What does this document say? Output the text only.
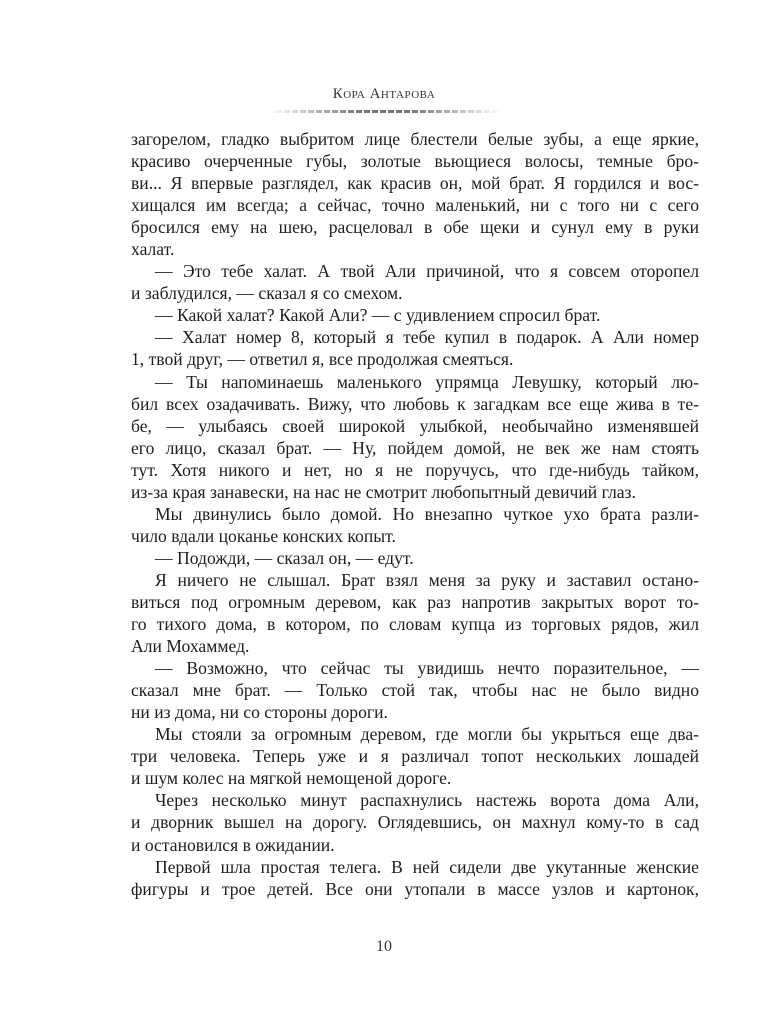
Кора Антарова
загорелом, гладко выбритом лице блестели белые зубы, а еще яркие,
красиво очерченные губы, золотые вьющиеся волосы, темные бро-
ви... Я впервые разглядел, как красив он, мой брат. Я гордился и вос-
хищался им всегда; а сейчас, точно маленький, ни с того ни с сего
бросился ему на шею, расцеловал в обе щеки и сунул ему в руки
халат.
— Это тебе халат. А твой Али причиной, что я совсем оторопел
и заблудился, — сказал я со смехом.
— Какой халат? Какой Али? — с удивлением спросил брат.
— Халат номер 8, который я тебе купил в подарок. А Али номер
1, твой друг, — ответил я, все продолжая смеяться.
— Ты напоминаешь маленького упрямца Левушку, который лю-
бил всех озадачивать. Вижу, что любовь к загадкам все еще жива в те-
бе, — улыбаясь своей широкой улыбкой, необычайно изменявшей
его лицо, сказал брат. — Ну, пойдем домой, не век же нам стоять
тут. Хотя никого и нет, но я не поручусь, что где-нибудь тайком,
из-за края занавески, на нас не смотрит любопытный девичий глаз.
Мы двинулись было домой. Но внезапно чуткое ухо брата разли-
чило вдали цоканье конских копыт.
— Подожди, — сказал он, — едут.
Я ничего не слышал. Брат взял меня за руку и заставил остано-
виться под огромным деревом, как раз напротив закрытых ворот то-
го тихого дома, в котором, по словам купца из торговых рядов, жил
Али Мохаммед.
— Возможно, что сейчас ты увидишь нечто поразительное, —
сказал мне брат. — Только стой так, чтобы нас не было видно
ни из дома, ни со стороны дороги.
Мы стояли за огромным деревом, где могли бы укрыться еще два-
три человека. Теперь уже и я различал топот нескольких лошадей
и шум колес на мягкой немощеной дороге.
Через несколько минут распахнулись настежь ворота дома Али,
и дворник вышел на дорогу. Оглядевшись, он махнул кому-то в сад
и остановился в ожидании.
Первой шла простая телега. В ней сидели две укутанные женские
фигуры и трое детей. Все они утопали в массе узлов и картонок,
10
